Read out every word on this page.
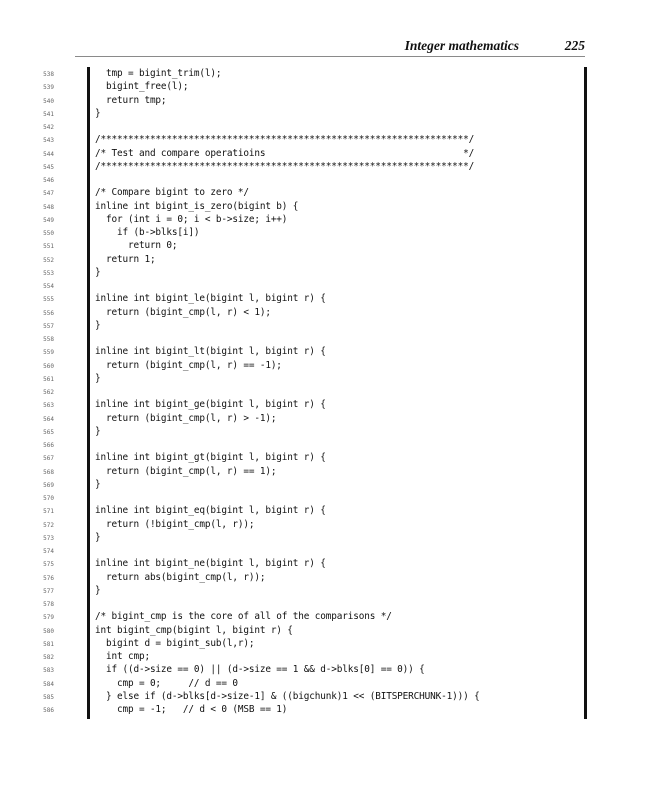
Integer mathematics	225
538	tmp = bigint_trim(l);
539	bigint_free(l);
540	return tmp;
541	}
542
543	/*******************************************************************/
544	/* Test and compare operatioins                                    */
545	/*******************************************************************/
546
547	/* Compare bigint to zero */
548	inline int bigint_is_zero(bigint b) {
549	for (int i = 0; i < b->size; i++)
550	if (b->blks[i])
551	return 0;
552	return 1;
553	}
554
555	inline int bigint_le(bigint l, bigint r) {
556	return (bigint_cmp(l, r) < 1);
557	}
558
559	inline int bigint_lt(bigint l, bigint r) {
560	return (bigint_cmp(l, r) == -1);
561	}
562
563	inline int bigint_ge(bigint l, bigint r) {
564	return (bigint_cmp(l, r) > -1);
565	}
566
567	inline int bigint_gt(bigint l, bigint r) {
568	return (bigint_cmp(l, r) == 1);
569	}
570
571	inline int bigint_eq(bigint l, bigint r) {
572	return (!bigint_cmp(l, r));
573	}
574
575	inline int bigint_ne(bigint l, bigint r) {
576	return abs(bigint_cmp(l, r));
577	}
578
579	/* bigint_cmp is the core of all of the comparisons */
580	int bigint_cmp(bigint l, bigint r) {
581	bigint d = bigint_sub(l,r);
582	int cmp;
583	if ((d->size == 0) || (d->size == 1 && d->blks[0] == 0)) {
584	cmp = 0;     // d == 0
585	} else if (d->blks[d->size-1] & ((bigchunk)1 << (BITSPERCHUNK-1))) {
586	cmp = -1;   // d < 0 (MSB == 1)
